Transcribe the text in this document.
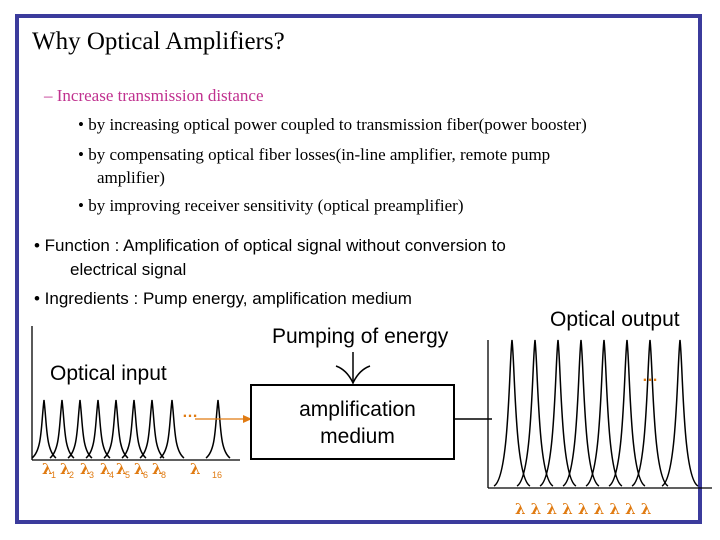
Why Optical Amplifiers?
– Increase transmission distance
• by increasing optical power coupled to transmission fiber(power booster)
• by compensating optical fiber losses(in-line amplifier, remote pump
amplifier)
• by improving receiver sensitivity (optical preamplifier)
• Function : Amplification of optical signal without conversion to
electrical signal
• Ingredients : Pump energy, amplification medium
Optical output
Pumping of energy
Optical input
λ
1 λ
2 λ
3 λ
4 λ
5 λ
6 λ
8 λ 16
λ λ λ λ λ λ λ λ λ
…
…
amplification
medium
